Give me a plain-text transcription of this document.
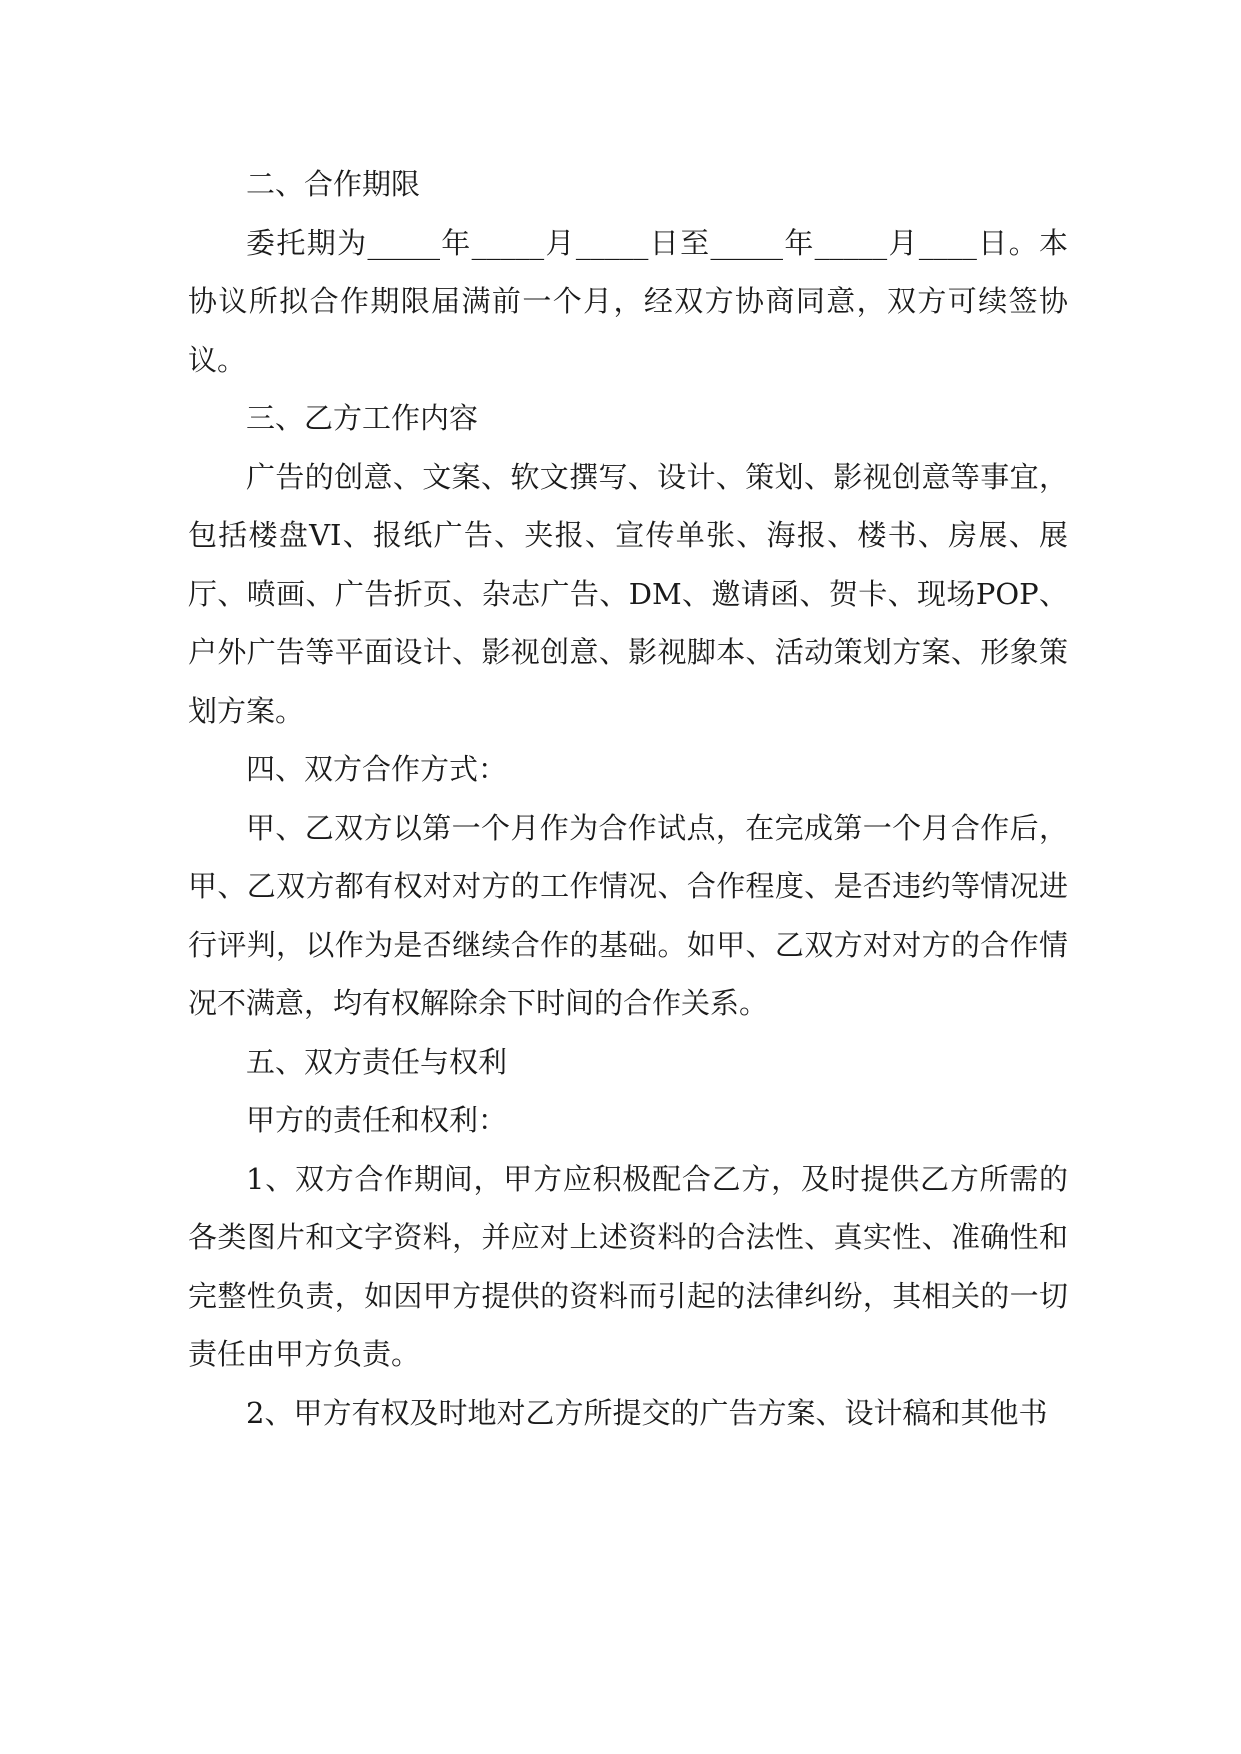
二、合作期限

委托期为_____年_____月_____日至_____年_____月____日。本协议所拟合作期限届满前一个月，经双方协商同意，双方可续签协议。

三、乙方工作内容

广告的创意、文案、软文撰写、设计、策划、影视创意等事宜，包括楼盘VI、报纸广告、夹报、宣传单张、海报、楼书、房展、展厅、喷画、广告折页、杂志广告、DM、邀请函、贺卡、现场POP、户外广告等平面设计、影视创意、影视脚本、活动策划方案、形象策划方案。

四、双方合作方式：

甲、乙双方以第一个月作为合作试点，在完成第一个月合作后，甲、乙双方都有权对对方的工作情况、合作程度、是否违约等情况进行评判，以作为是否继续合作的基础。如甲、乙双方对对方的合作情况不满意，均有权解除余下时间的合作关系。

五、双方责任与权利

甲方的责任和权利：

1、双方合作期间，甲方应积极配合乙方，及时提供乙方所需的各类图片和文字资料，并应对上述资料的合法性、真实性、准确性和完整性负责，如因甲方提供的资料而引起的法律纠纷，其相关的一切责任由甲方负责。

2、甲方有权及时地对乙方所提交的广告方案、设计稿和其他书
